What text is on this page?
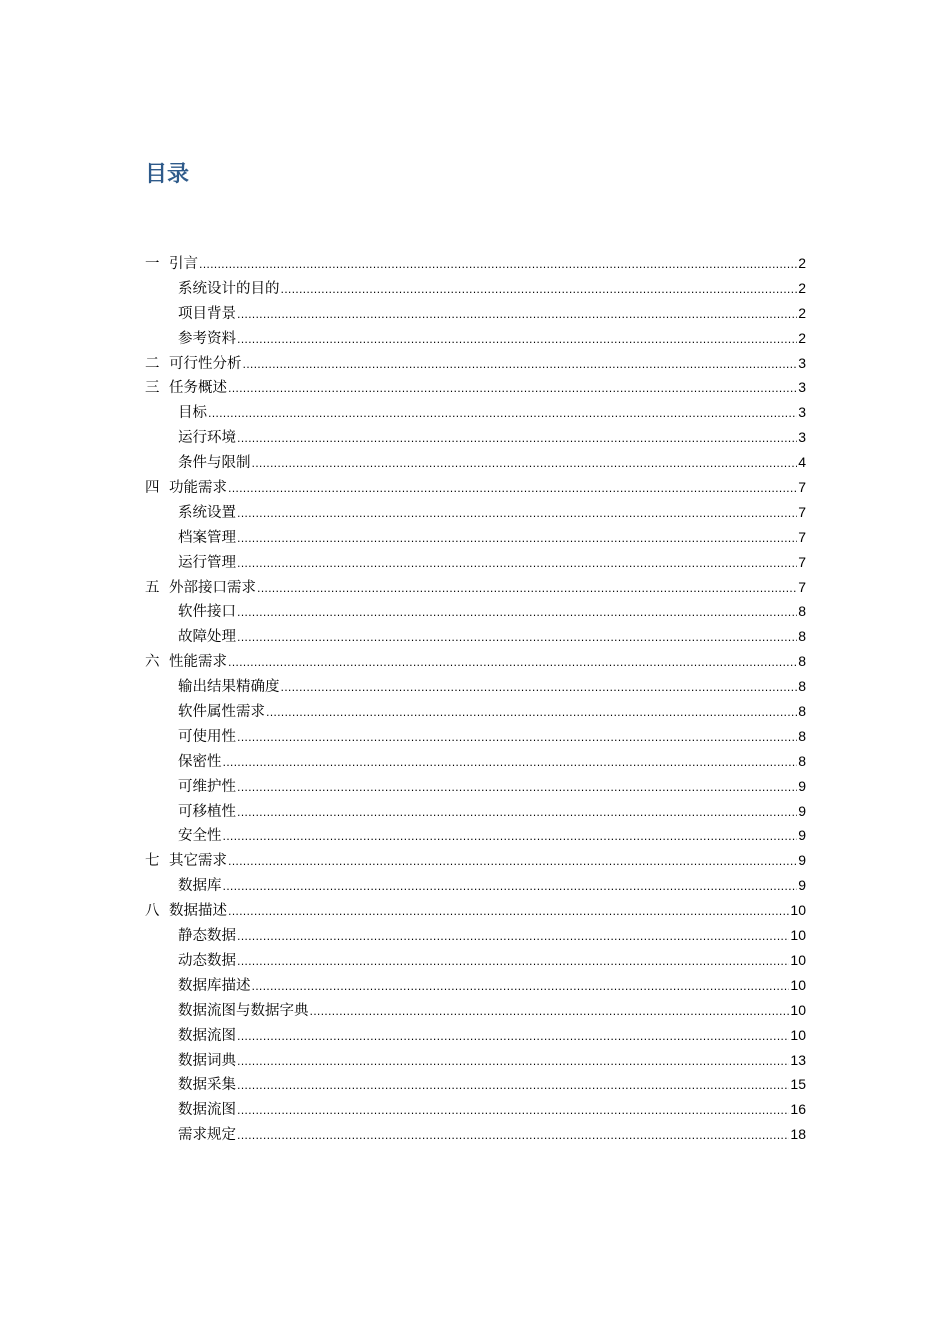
目录
一 引言 .....	2
系统设计的目的 .....	2
项目背景 .....	2
参考资料 .....	2
二 可行性分析 .....	3
三 任务概述 .....	3
目标 .....	3
运行环境 .....	3
条件与限制 .....	4
四 功能需求 .....	7
系统设置 .....	7
档案管理 .....	7
运行管理 .....	7
五 外部接口需求 .....	7
软件接口 .....	8
故障处理 .....	8
六 性能需求 .....	8
输出结果精确度 .....	8
软件属性需求 .....	8
可使用性 .....	8
保密性 .....	8
可维护性 .....	9
可移植性 .....	9
安全性 .....	9
七 其它需求 .....	9
数据库 .....	9
八 数据描述 .....	10
静态数据 .....	10
动态数据 .....	10
数据库描述 .....	10
数据流图与数据字典 .....	10
数据流图 .....	10
数据词典 .....	13
数据采集 .....	15
数据流图 .....	16
需求规定 .....	18
